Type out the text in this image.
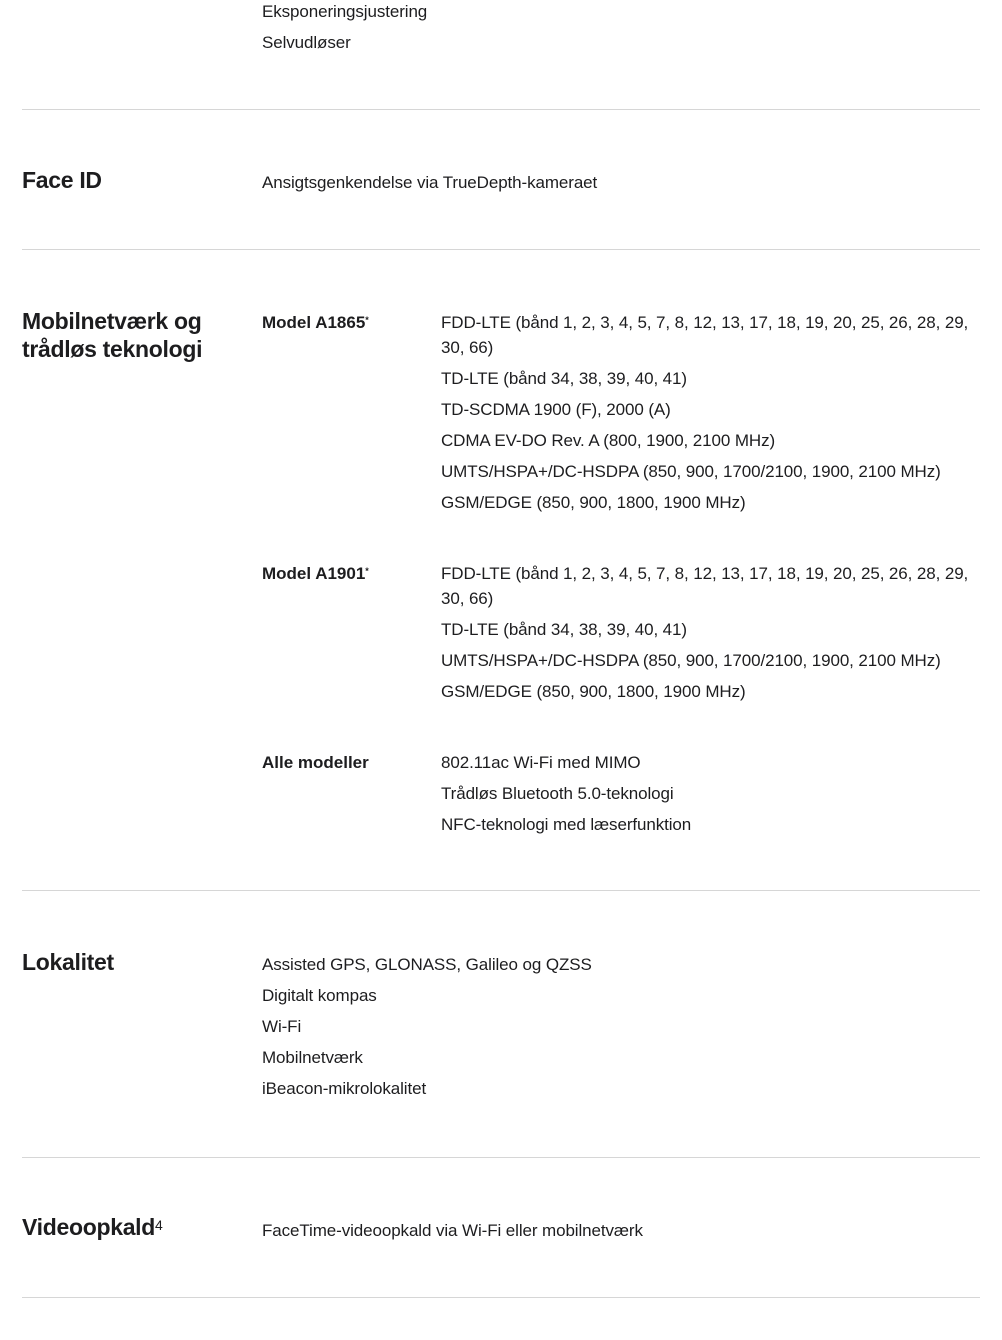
Eksponeringsjustering
Selvudløser
Face ID	Ansigtsgenkendelse via TrueDepth-kameraet
Mobilnetværk og
trådløs teknologi
Model A1865*	FDD-LTE (bånd 1, 2, 3, 4, 5, 7, 8, 12, 13, 17, 18, 19, 20, 25, 26, 28, 29,
30, 66)
TD-LTE (bånd 34, 38, 39, 40, 41)
TD-SCDMA 1900 (F), 2000 (A)
CDMA EV-DO Rev. A (800, 1900, 2100 MHz)
UMTS/HSPA+/DC-HSDPA (850, 900, 1700/2100, 1900, 2100 MHz)
GSM/EDGE (850, 900, 1800, 1900 MHz)
Model A1901*	FDD-LTE (bånd 1, 2, 3, 4, 5, 7, 8, 12, 13, 17, 18, 19, 20, 25, 26, 28, 29,
30, 66)
TD-LTE (bånd 34, 38, 39, 40, 41)
UMTS/HSPA+/DC-HSDPA (850, 900, 1700/2100, 1900, 2100 MHz)
GSM/EDGE (850, 900, 1800, 1900 MHz)
Alle modeller	802.11ac Wi-Fi med MIMO
Trådløs Bluetooth 5.0-teknologi
NFC-teknologi med læserfunktion
Lokalitet	Assisted GPS, GLONASS, Galileo og QZSS
Digitalt kompas
Wi-Fi
Mobilnetværk
iBeacon-mikrolokalitet
Videoopkald$^4$	FaceTime-videoopkald via Wi-Fi eller mobilnetværk
